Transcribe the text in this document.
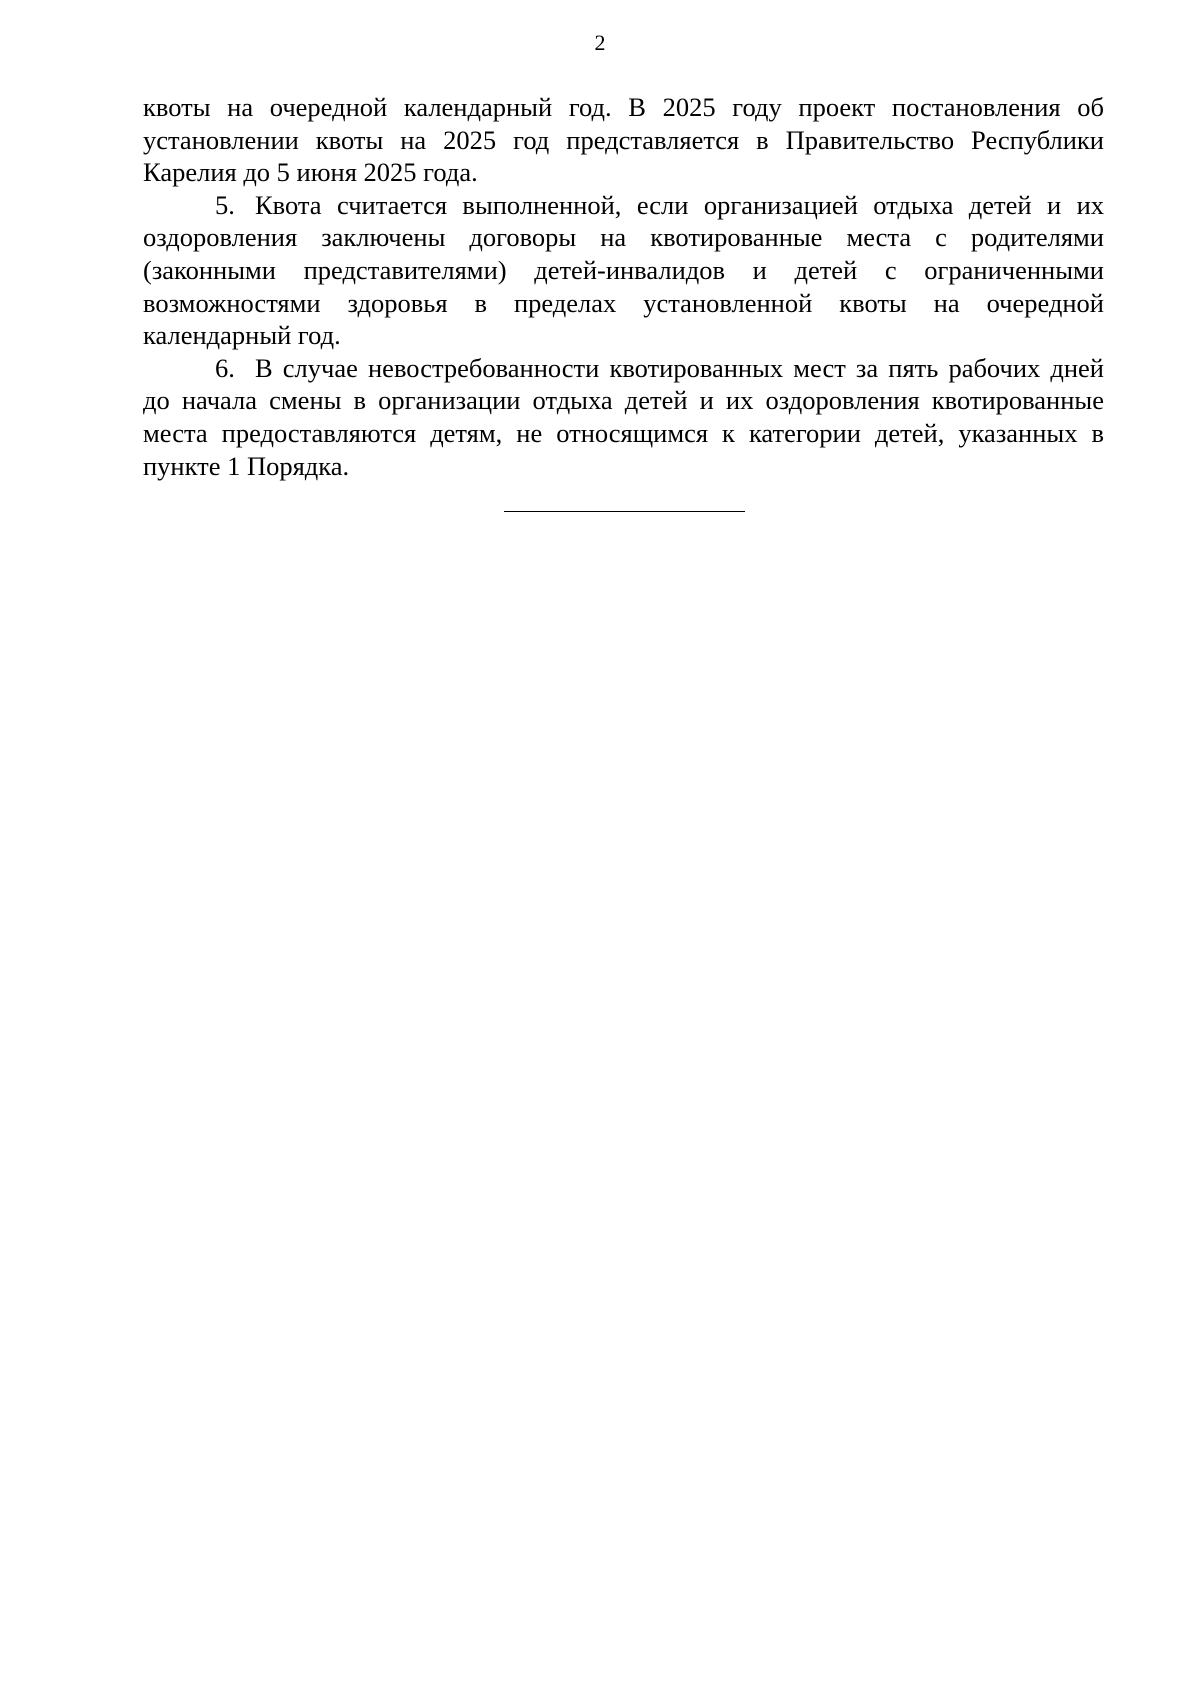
2

квоты на очередной календарный год. В 2025 году проект постановления об установлении квоты на 2025 год представляется в Правительство Республики Карелия до 5 июня 2025 года.

5. Квота считается выполненной, если организацией отдыха детей и их оздоровления заключены договоры на квотированные места с родителями (законными представителями) детей-инвалидов и детей с ограниченными возможностями здоровья в пределах установленной квоты на очередной календарный год.

6. В случае невостребованности квотированных мест за пять рабочих дней до начала смены в организации отдыха детей и их оздоровления квотированные места предоставляются детям, не относящимся к категории детей, указанных в пункте 1 Порядка.
